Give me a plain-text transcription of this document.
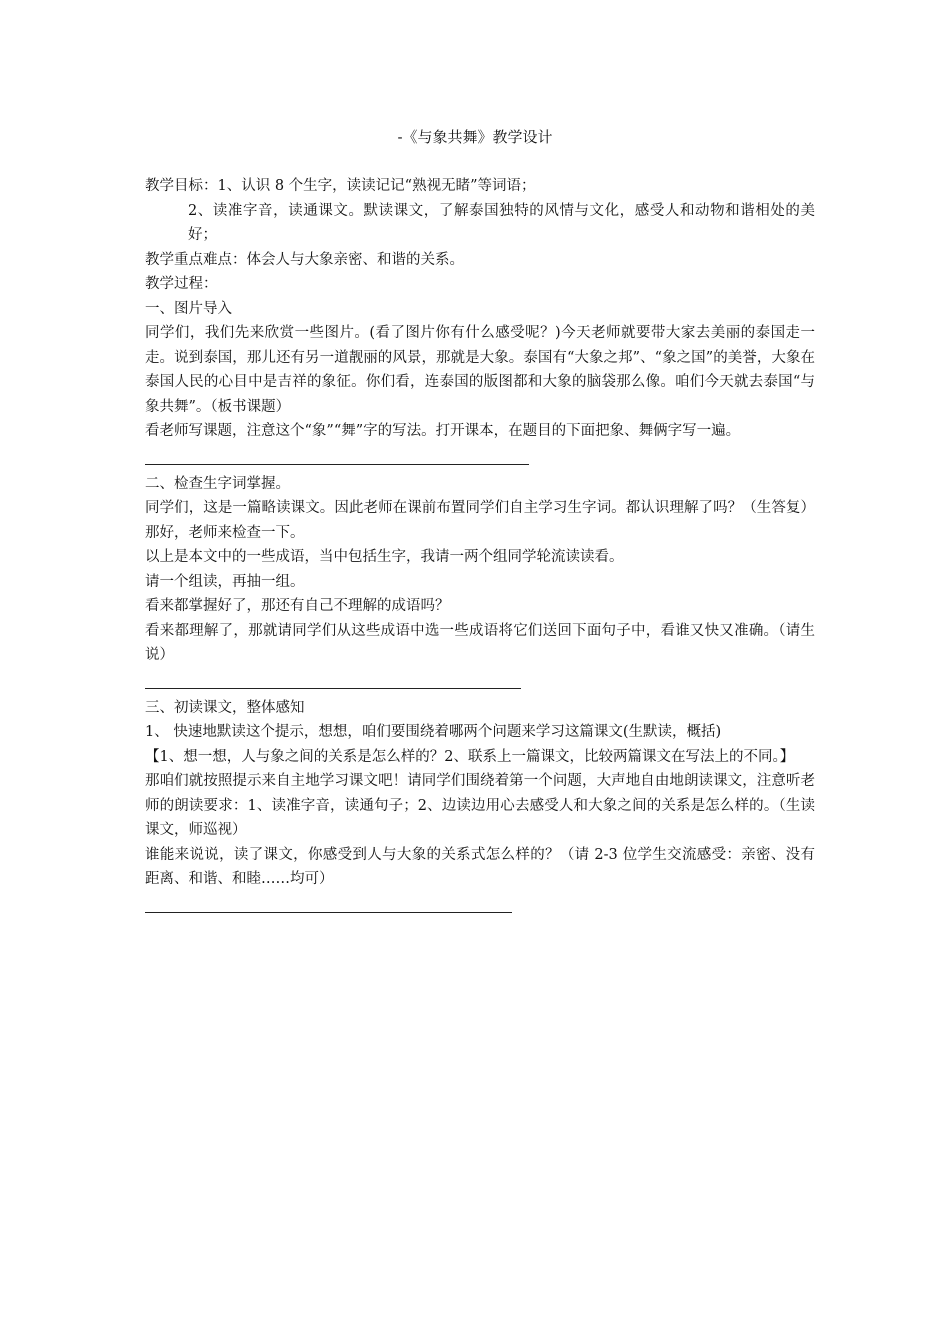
-《与象共舞》教学设计

教学目标：1、认识 8 个生字，读读记记“熟视无睹”等词语；

2、读准字音，读通课文。默读课文，了解泰国独特的风情与文化，感受人和动物和谐相处的美好；

教学重点难点：体会人与大象亲密、和谐的关系。

教学过程：

一、图片导入

同学们，我们先来欣赏一些图片。(看了图片你有什么感受呢？)今天老师就要带大家去美丽的泰国走一走。说到泰国，那儿还有另一道靓丽的风景，那就是大象。泰国有“大象之邦”、“象之国”的美誉，大象在泰国人民的心目中是吉祥的象征。你们看，连泰国的版图都和大象的脑袋那么像。咱们今天就去泰国“与象共舞”。（板书课题）

看老师写课题，注意这个“象”“舞”字的写法。打开课本，在题目的下面把象、舞俩字写一遍。

二、检查生字词掌握。

同学们，这是一篇略读课文。因此老师在课前布置同学们自主学习生字词。都认识理解了吗？（生答复）那好，老师来检查一下。

以上是本文中的一些成语，当中包括生字，我请一两个组同学轮流读读看。

请一个组读，再抽一组。

看来都掌握好了，那还有自己不理解的成语吗？

看来都理解了，那就请同学们从这些成语中选一些成语将它们送回下面句子中，看谁又快又准确。（请生说）

三、初读课文，整体感知

1、 快速地默读这个提示，想想，咱们要围绕着哪两个问题来学习这篇课文(生默读，概括)

【1、想一想，人与象之间的关系是怎么样的？2、联系上一篇课文，比较两篇课文在写法上的不同。】

那咱们就按照提示来自主地学习课文吧！请同学们围绕着第一个问题，大声地自由地朗读课文，注意听老师的朗读要求：1、读准字音，读通句子；2、边读边用心去感受人和大象之间的关系是怎么样的。（生读课文，师巡视）

谁能来说说，读了课文，你感受到人与大象的关系式怎么样的？（请 2-3 位学生交流感受：亲密、没有距离、和谐、和睦……均可）
